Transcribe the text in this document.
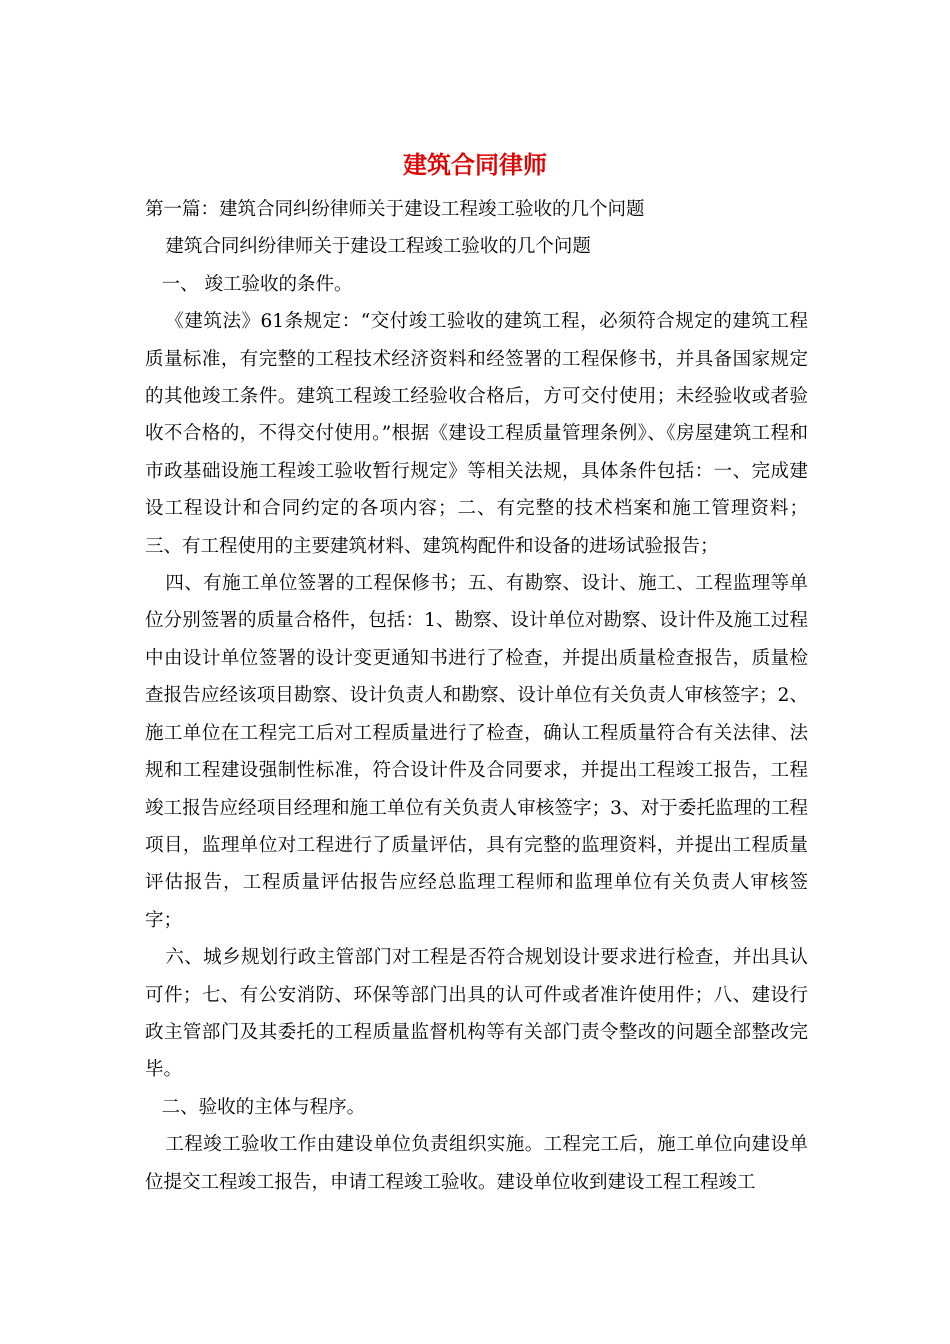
建筑合同律师

第一篇：建筑合同纠纷律师关于建设工程竣工验收的几个问题

建筑合同纠纷律师关于建设工程竣工验收的几个问题

一、 竣工验收的条件。

《建筑法》61条规定：“交付竣工验收的建筑工程，必须符合规定的建筑工程质量标准，有完整的工程技术经济资料和经签署的工程保修书，并具备国家规定的其他竣工条件。建筑工程竣工经验收合格后，方可交付使用；未经验收或者验收不合格的，不得交付使用。”根据《建设工程质量管理条例》、《房屋建筑工程和市政基础设施工程竣工验收暂行规定》等相关法规，具体条件包括：一、完成建设工程设计和合同约定的各项内容；二、有完整的技术档案和施工管理资料；三、有工程使用的主要建筑材料、建筑构配件和设备的进场试验报告；

四、有施工单位签署的工程保修书；五、有勘察、设计、施工、工程监理等单位分别签署的质量合格件，包括：1、勘察、设计单位对勘察、设计件及施工过程中由设计单位签署的设计变更通知书进行了检查，并提出质量检查报告，质量检查报告应经该项目勘察、设计负责人和勘察、设计单位有关负责人审核签字；2、施工单位在工程完工后对工程质量进行了检查，确认工程质量符合有关法律、法规和工程建设强制性标准，符合设计件及合同要求，并提出工程竣工报告，工程竣工报告应经项目经理和施工单位有关负责人审核签字；3、对于委托监理的工程项目，监理单位对工程进行了质量评估，具有完整的监理资料，并提出工程质量评估报告，工程质量评估报告应经总监理工程师和监理单位有关负责人审核签字；

六、城乡规划行政主管部门对工程是否符合规划设计要求进行检查，并出具认可件；七、有公安消防、环保等部门出具的认可件或者准许使用件；八、建设行政主管部门及其委托的工程质量监督机构等有关部门责令整改的问题全部整改完毕。

二、验收的主体与程序。

工程竣工验收工作由建设单位负责组织实施。工程完工后，施工单位向建设单位提交工程竣工报告，申请工程竣工验收。建设单位收到建设工程工程竣工
